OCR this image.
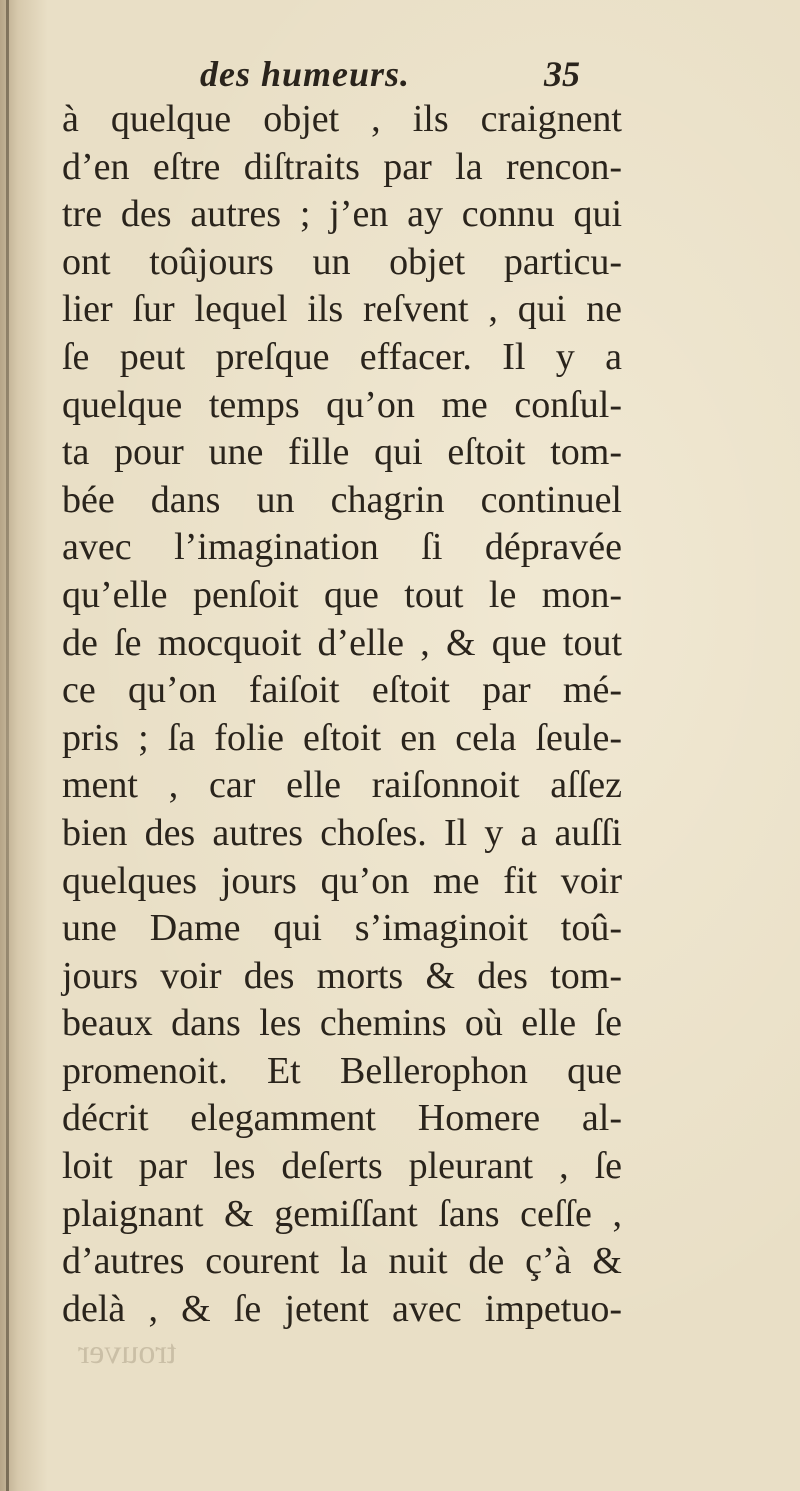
des humeurs.	35
à quelque objet , ils craignent
d’en eſtre diſtraits par la rencon-
tre des autres ; j’en ay connu qui
ont toûjours un objet particu-
lier ſur lequel ils reſvent , qui ne
ſe peut preſque effacer. Il y a
quelque temps qu’on me conſul-
ta pour une fille qui eſtoit tom-
bée dans un chagrin continuel
avec l’imagination ſi dépravée
qu’elle penſoit que tout le mon-
de ſe mocquoit d’elle , & que tout
ce qu’on faiſoit eſtoit par mé-
pris ; ſa folie eſtoit en cela ſeule-
ment , car elle raiſonnoit aſſez
bien des autres choſes. Il y a auſſi
quelques jours qu’on me fit voir
une Dame qui s’imaginoit toû-
jours voir des morts & des tom-
beaux dans les chemins où elle ſe
promenoit. Et Bellerophon que
décrit elegamment Homere al-
loit par les deſerts pleurant , ſe
plaignant & gemiſſant ſans ceſſe ,
d’autres courent la nuit de ç’à &
delà , & ſe jetent avec impetuo-
trouver
